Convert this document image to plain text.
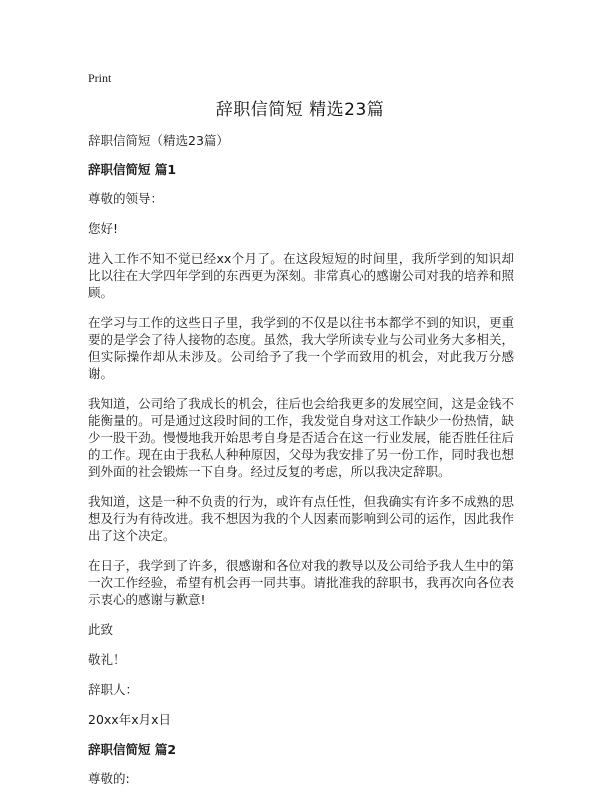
Print
辞职信简短 精选23篇

辞职信简短（精选23篇）

辞职信简短 篇1

尊敬的领导：

您好!

进入工作不知不觉已经xx个月了。在这段短短的时间里，我所学到的知识却比以往在大学四年学到的东西更为深刻。非常真心的感谢公司对我的培养和照顾。

在学习与工作的这些日子里，我学到的不仅是以往书本都学不到的知识，更重要的是学会了待人接物的态度。虽然，我大学所读专业与公司业务大多相关，但实际操作却从未涉及。公司给予了我一个学而致用的机会，对此我万分感谢。

我知道，公司给了我成长的机会，往后也会给我更多的发展空间，这是金钱不能衡量的。可是通过这段时间的工作，我发觉自身对这工作缺少一份热情，缺少一股干劲。慢慢地我开始思考自身是否适合在这一行业发展，能否胜任往后的工作。现在由于我私人种种原因，父母为我安排了另一份工作，同时我也想到外面的社会锻炼一下自身。经过反复的考虑，所以我决定辞职。

我知道，这是一种不负责的行为，或许有点任性，但我确实有许多不成熟的思想及行为有待改进。我不想因为我的个人因素而影响到公司的运作，因此我作出了这个决定。

在日子，我学到了许多，很感谢和各位对我的教导以及公司给予我人生中的第一次工作经验，希望有机会再一同共事。请批准我的辞职书，我再次向各位表示衷心的感谢与歉意!

此致

敬礼！

辞职人：

20xx年x月x日

辞职信简短 篇2

尊敬的:
